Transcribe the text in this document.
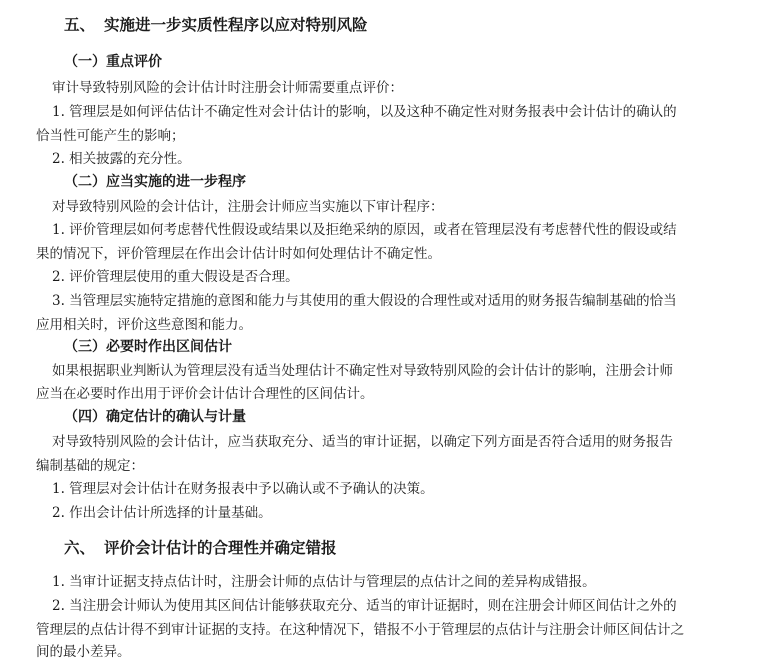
五、 实施进一步实质性程序以应对特别风险
（一）重点评价
审计导致特别风险的会计估计时注册会计师需要重点评价：
1. 管理层是如何评估估计不确定性对会计估计的影响，以及这种不确定性对财务报表中会计估计的确认的
恰当性可能产生的影响；
2. 相关披露的充分性。
（二）应当实施的进一步程序
对导致特别风险的会计估计，注册会计师应当实施以下审计程序：
1. 评价管理层如何考虑替代性假设或结果以及拒绝采纳的原因，或者在管理层没有考虑替代性的假设或结
果的情况下，评价管理层在作出会计估计时如何处理估计不确定性。
2. 评价管理层使用的重大假设是否合理。
3. 当管理层实施特定措施的意图和能力与其使用的重大假设的合理性或对适用的财务报告编制基础的恰当
应用相关时，评价这些意图和能力。
（三）必要时作出区间估计
如果根据职业判断认为管理层没有适当处理估计不确定性对导致特别风险的会计估计的影响，注册会计师
应当在必要时作出用于评价会计估计合理性的区间估计。
（四）确定估计的确认与计量
对导致特别风险的会计估计，应当获取充分、适当的审计证据，以确定下列方面是否符合适用的财务报告
编制基础的规定：
1. 管理层对会计估计在财务报表中予以确认或不予确认的决策。
2. 作出会计估计所选择的计量基础。
六、 评价会计估计的合理性并确定错报
1. 当审计证据支持点估计时，注册会计师的点估计与管理层的点估计之间的差异构成错报。
2. 当注册会计师认为使用其区间估计能够获取充分、适当的审计证据时，则在注册会计师区间估计之外的
管理层的点估计得不到审计证据的支持。在这种情况下，错报不小于管理层的点估计与注册会计师区间估计之
间的最小差异。
